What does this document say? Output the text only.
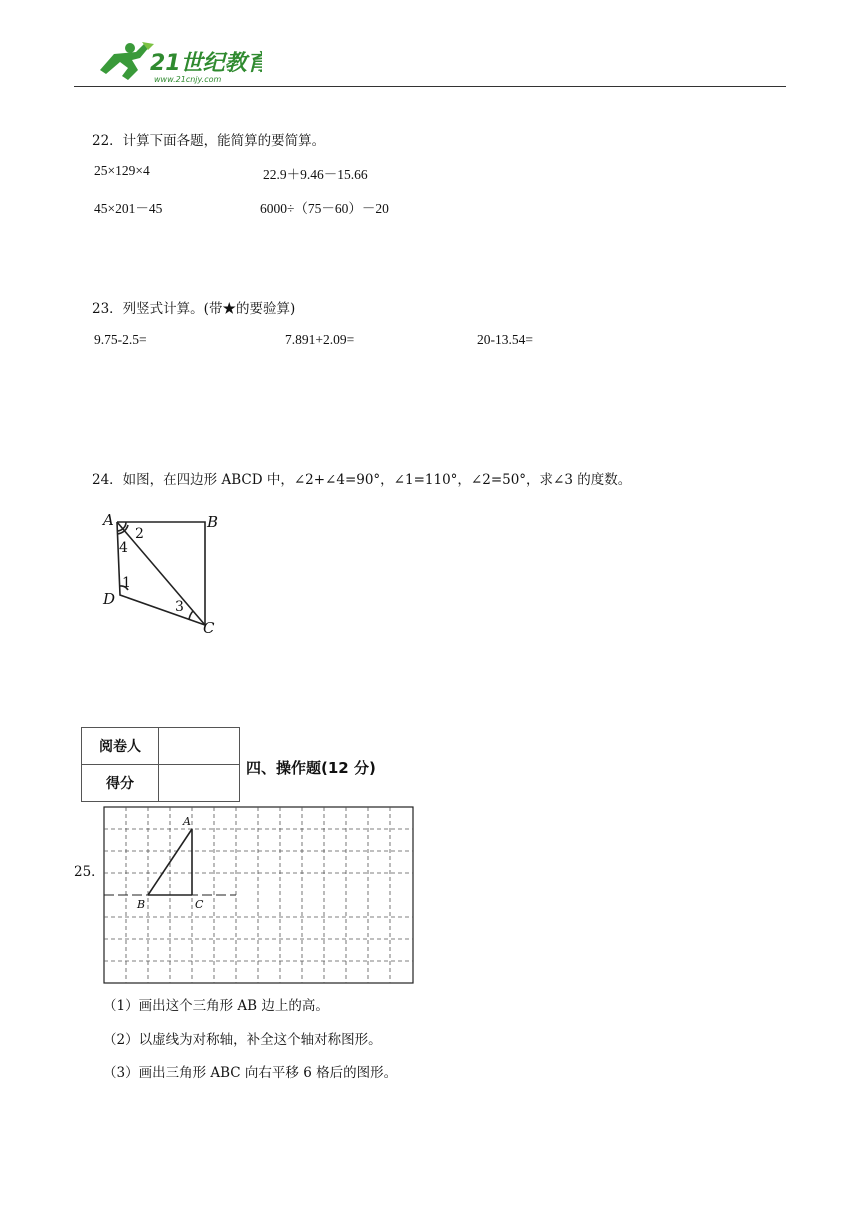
21世纪教育
www.21cnjy.com
22．计算下面各题，能简算的要简算。
25×129×4	22.9＋9.46－15.66
45×201－45	6000÷（75－60）－20
23．列竖式计算。(带★的要验算)
9.75-2.5=	7.891+2.09=	20-13.54=
24．如图，在四边形 ABCD 中，∠2+∠4=90°，∠1=110°，∠2=50°，求∠3 的度数。
A	B
C
D
1
2
3
4
阅卷人	
得分	
四、操作题(12 分)
25．
A
B	C
（1）画出这个三角形 AB 边上的高。
（2）以虚线为对称轴，补全这个轴对称图形。
（3）画出三角形 ABC 向右平移 6 格后的图形。
